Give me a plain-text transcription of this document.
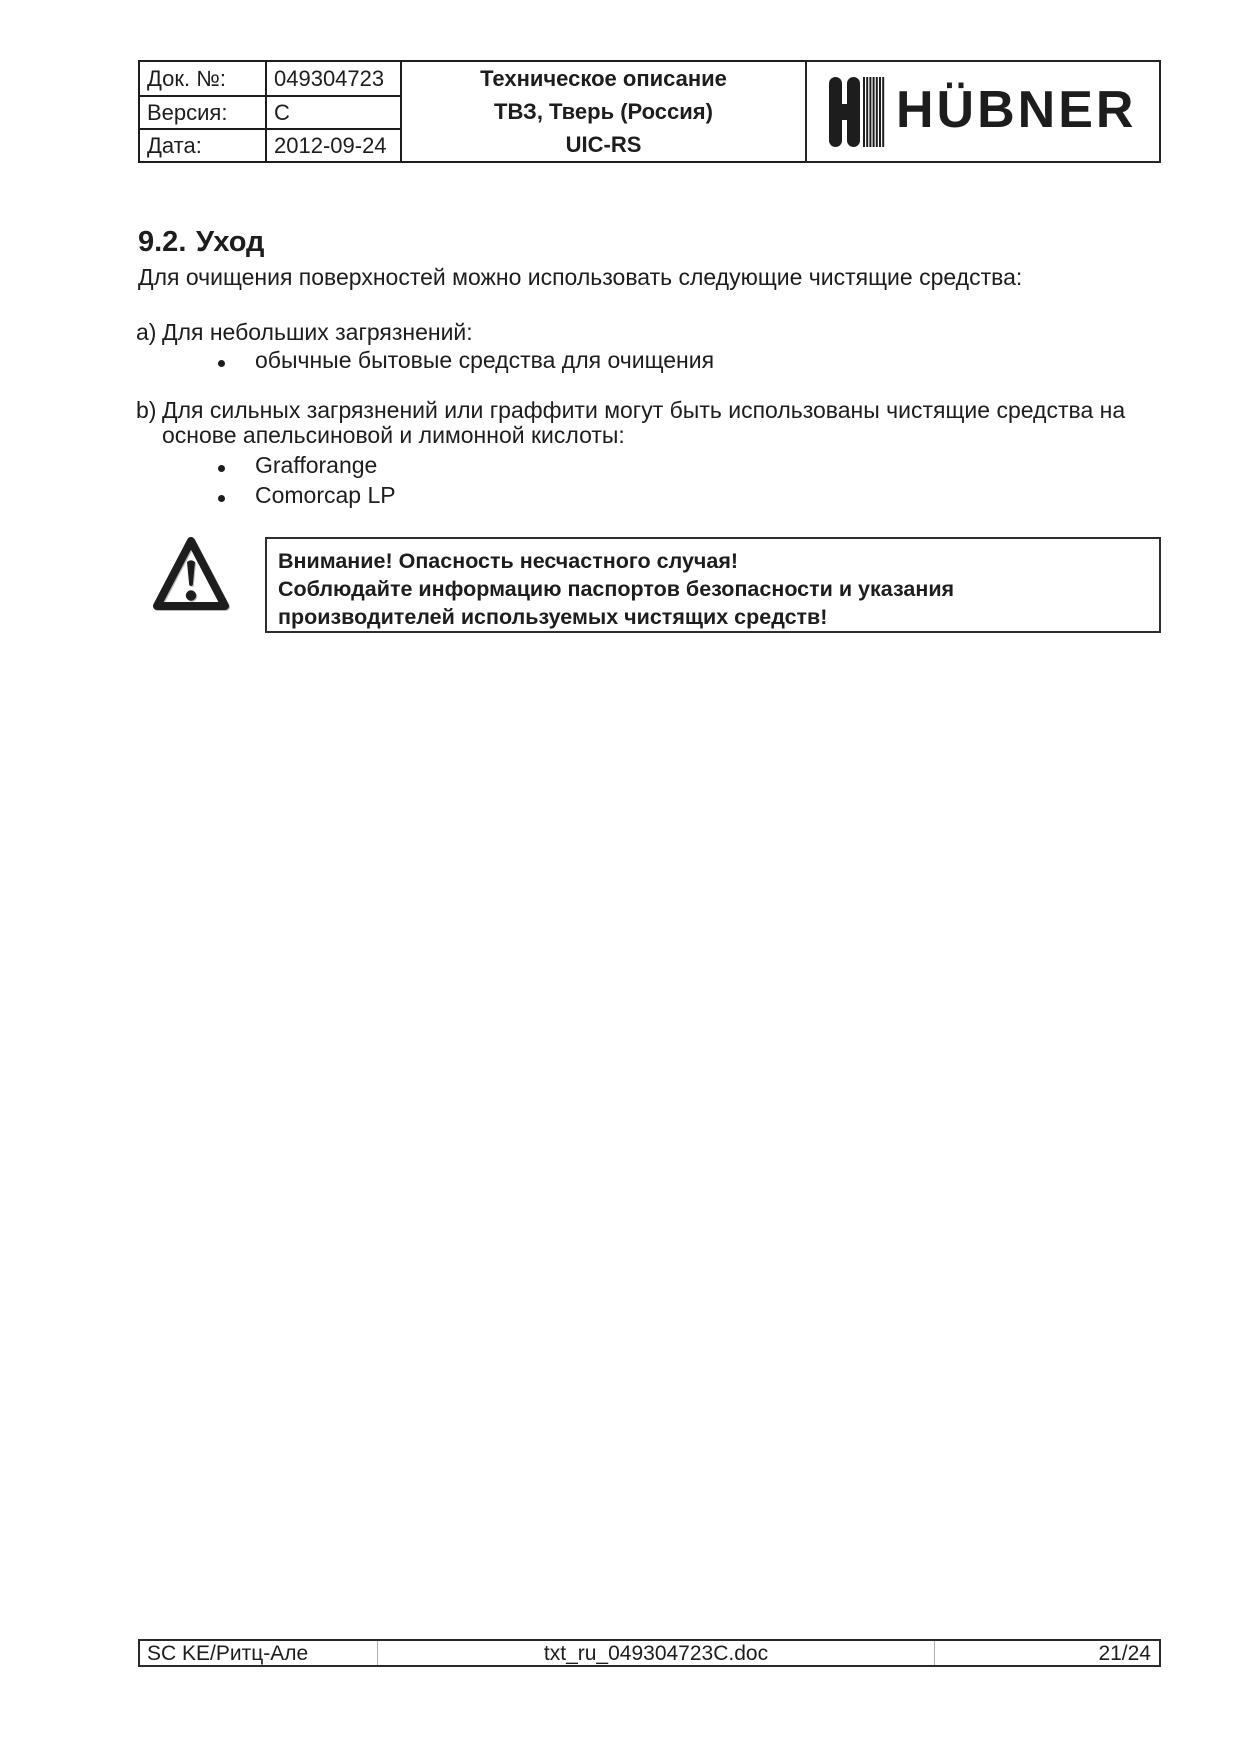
Док. №:	049304723
Версия:	C
Дата:	2012-09-24
Техническое описание
ТВЗ, Тверь (Россия)
UIC-RS
HÜBNER
9.2. Уход
Для очищения поверхностей можно использовать следующие чистящие средства:
a) Для небольших загрязнений:
обычные бытовые средства для очищения
b) Для сильных загрязнений или граффити могут быть использованы чистящие средства на
основе апельсиновой и лимонной кислоты:
Grafforange
Comorcap LP
Внимание! Опасность несчастного случая!
Соблюдайте информацию паспортов безопасности и указания
производителей используемых чистящих средств!
SC KE/Ритц-Але	txt_ru_049304723C.doc	21/24
